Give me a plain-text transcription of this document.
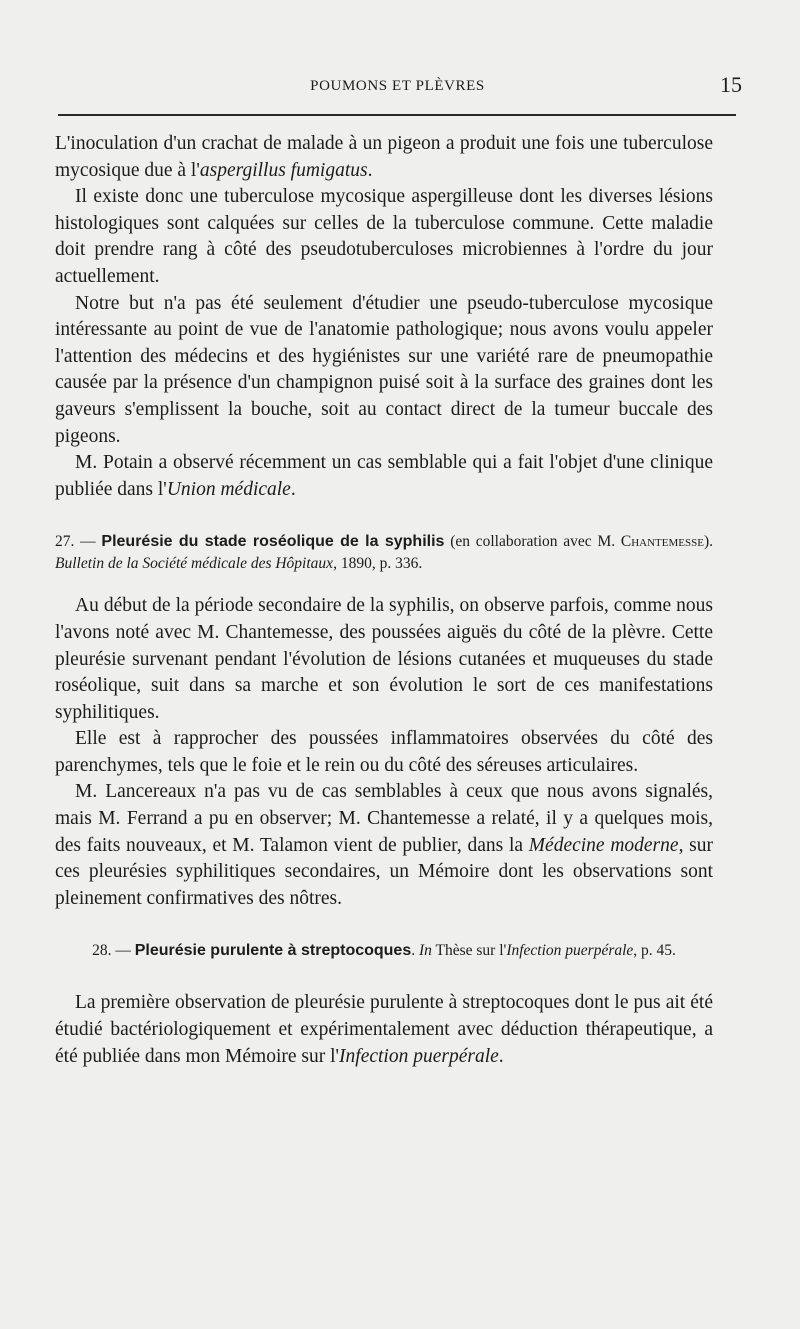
POUMONS ET PLÈVRES	15

L'inoculation d'un crachat de malade à un pigeon a produit une fois une tuberculose mycosique due à l'aspergillus fumigatus.

Il existe donc une tuberculose mycosique aspergilleuse dont les diverses lésions histologiques sont calquées sur celles de la tuberculose commune. Cette maladie doit prendre rang à côté des pseudotuberculoses microbiennes à l'ordre du jour actuellement.

Notre but n'a pas été seulement d'étudier une pseudo-tuberculose mycosique intéressante au point de vue de l'anatomie pathologique; nous avons voulu appeler l'attention des médecins et des hygiénistes sur une variété rare de pneumopathie causée par la présence d'un champignon puisé soit à la surface des graines dont les gaveurs s'emplissent la bouche, soit au contact direct de la tumeur buccale des pigeons.

M. Potain a observé récemment un cas semblable qui a fait l'objet d'une clinique publiée dans l'Union médicale.

27. — Pleurésie du stade roséolique de la syphilis (en collaboration avec M. Chantemesse). Bulletin de la Société médicale des Hôpitaux, 1890, p. 336.

Au début de la période secondaire de la syphilis, on observe parfois, comme nous l'avons noté avec M. Chantemesse, des poussées aiguës du côté de la plèvre. Cette pleurésie survenant pendant l'évolution de lésions cutanées et muqueuses du stade roséolique, suit dans sa marche et son évolution le sort de ces manifestations syphilitiques.

Elle est à rapprocher des poussées inflammatoires observées du côté des parenchymes, tels que le foie et le rein ou du côté des séreuses articulaires.

M. Lancereaux n'a pas vu de cas semblables à ceux que nous avons signalés, mais M. Ferrand a pu en observer; M. Chantemesse a relaté, il y a quelques mois, des faits nouveaux, et M. Talamon vient de publier, dans la Médecine moderne, sur ces pleurésies syphilitiques secondaires, un Mémoire dont les observations sont pleinement confirmatives des nôtres.

28. — Pleurésie purulente à streptocoques. In Thèse sur l'Infection puerpérale, p. 45.

La première observation de pleurésie purulente à streptocoques dont le pus ait été étudié bactériologiquement et expérimentalement avec déduction thérapeutique, a été publiée dans mon Mémoire sur l'Infection puerpérale.
